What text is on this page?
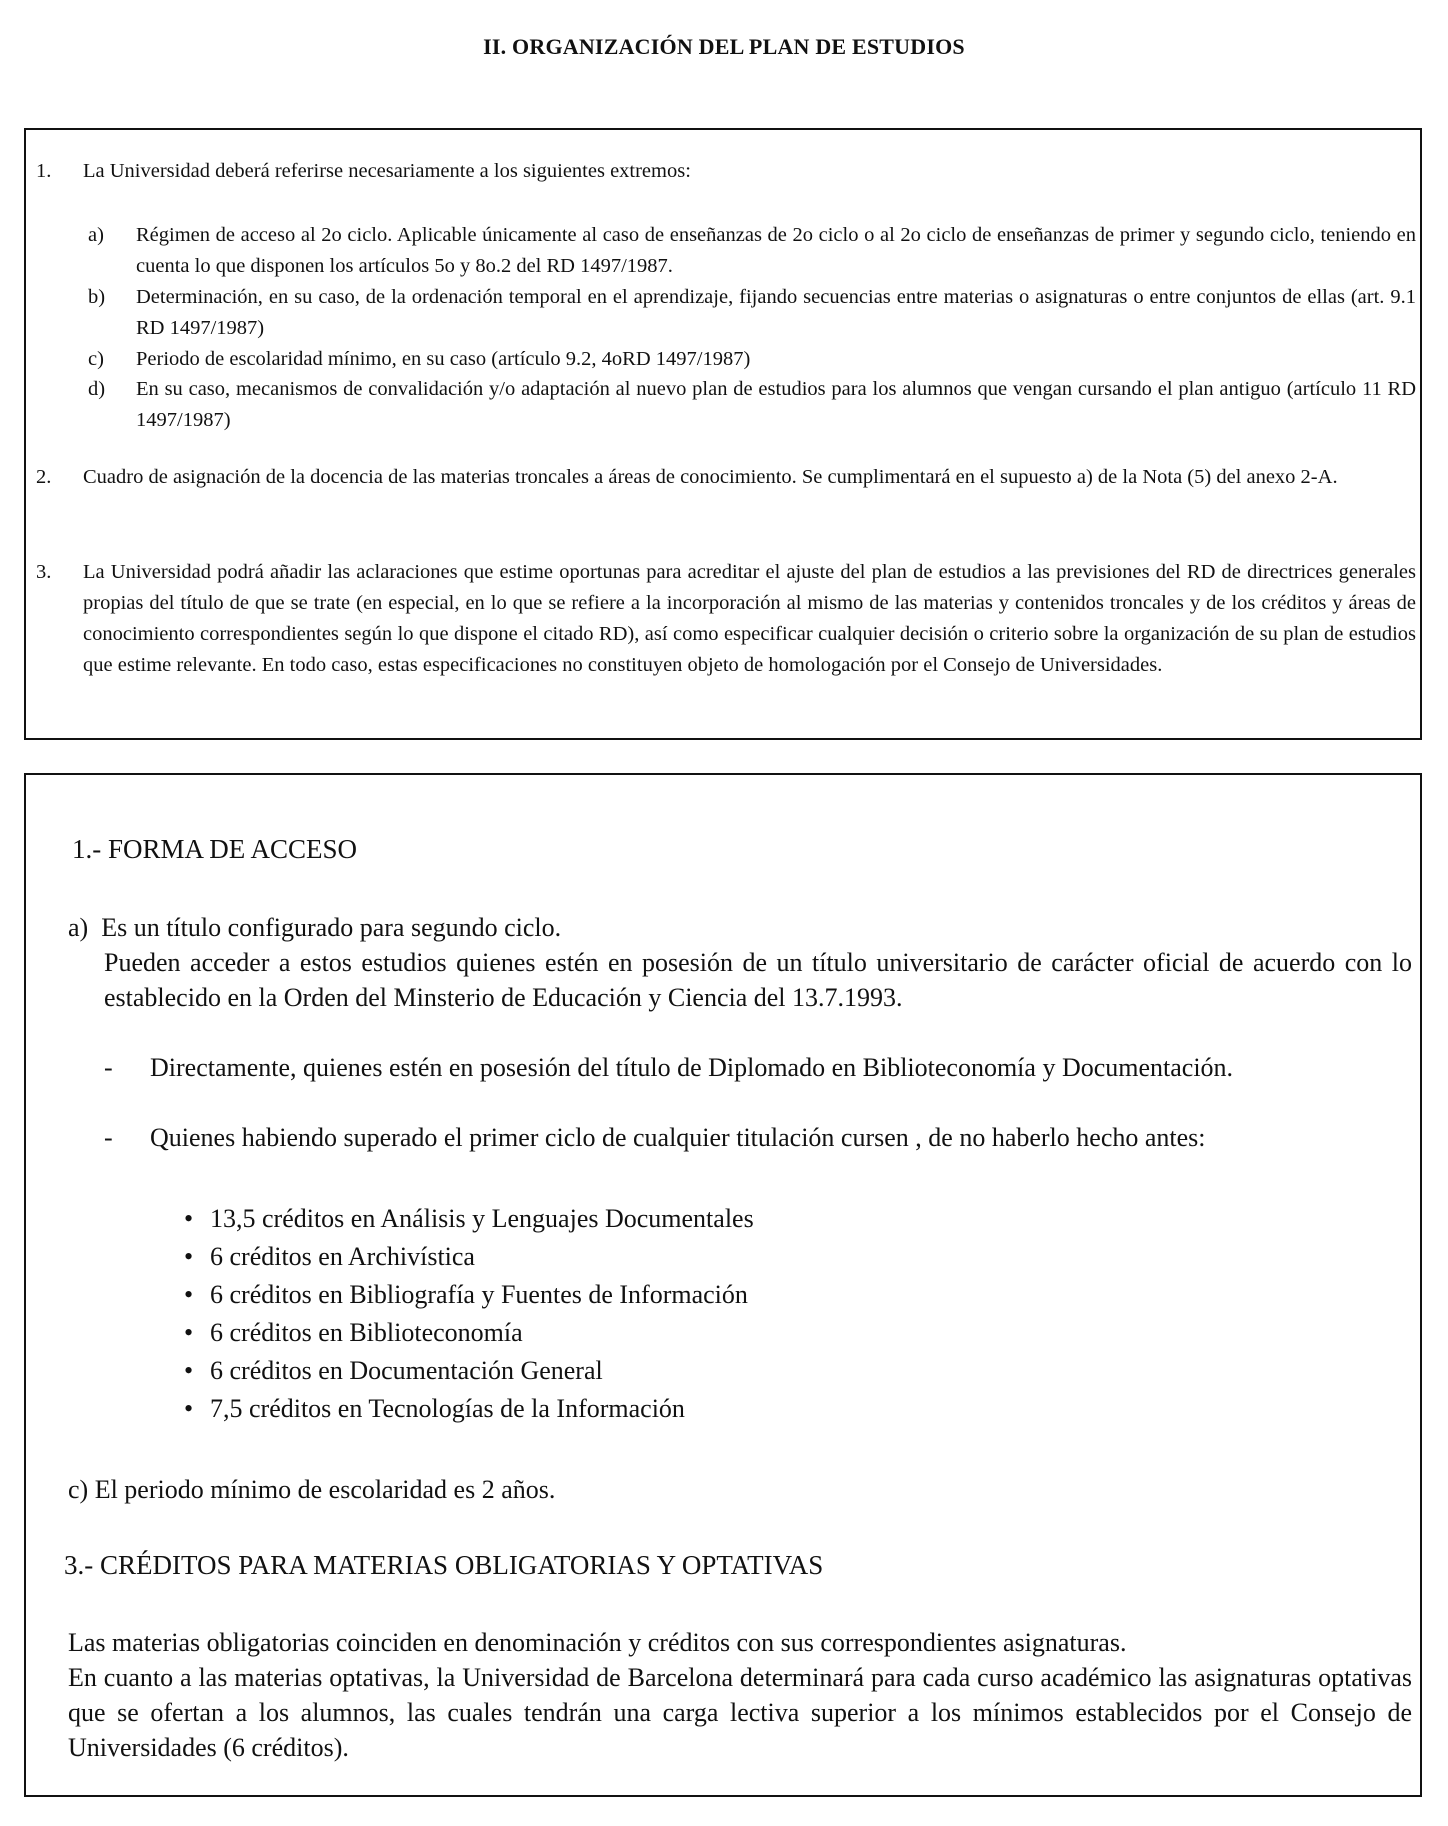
II. ORGANIZACIÓN DEL PLAN DE ESTUDIOS
1.	La Universidad deberá referirse necesariamente a los siguientes extremos:
a)	Régimen de acceso al 2o ciclo. Aplicable únicamente al caso de enseñanzas de 2o ciclo o al 2o ciclo de enseñanzas de primer y segundo ciclo, teniendo en cuenta lo que disponen los artículos 5o y 8o.2 del RD 1497/1987.
b)	Determinación, en su caso, de la ordenación temporal en el aprendizaje, fijando secuencias entre materias o asignaturas o entre conjuntos de ellas (art. 9.1 RD 1497/1987)
c)	Periodo de escolaridad mínimo, en su caso (artículo 9.2, 4oRD 1497/1987)
d)	En su caso, mecanismos de convalidación y/o adaptación al nuevo plan de estudios para los alumnos que vengan cursando el plan antiguo (artículo 11 RD 1497/1987)
2.	Cuadro de asignación de la docencia de las materias troncales a áreas de conocimiento. Se cumplimentará en el supuesto a) de la Nota (5) del anexo 2-A.
3.	La Universidad podrá añadir las aclaraciones que estime oportunas para acreditar el ajuste del plan de estudios a las previsiones del RD de directrices generales propias del título de que se trate (en especial, en lo que se refiere a la incorporación al mismo de las materias y contenidos troncales y de los créditos y áreas de conocimiento correspondientes según lo que dispone el citado RD), así como especificar cualquier decisión o criterio sobre la organización de su plan de estudios que estime relevante. En todo caso, estas especificaciones no constituyen objeto de homologación por el Consejo de Universidades.
1.- FORMA DE ACCESO
a)  Es un título configurado para segundo ciclo.
Pueden acceder a estos estudios quienes estén en posesión de un título universitario de carácter oficial de acuerdo con lo establecido en la Orden del Minsterio de Educación y Ciencia del 13.7.1993.
-	Directamente, quienes estén en posesión del título de Diplomado en Biblioteconomía y Documentación.
-	Quienes habiendo superado el primer ciclo de cualquier titulación cursen , de no haberlo hecho antes:
• 13,5 créditos en Análisis y Lenguajes Documentales
• 6 créditos en Archivística
• 6 créditos en Bibliografía y Fuentes de Información
• 6 créditos en Biblioteconomía
• 6 créditos en Documentación General
• 7,5 créditos en Tecnologías de la Información
c) El periodo mínimo de escolaridad es 2 años.
3.- CRÉDITOS PARA MATERIAS OBLIGATORIAS Y OPTATIVAS
Las materias obligatorias coinciden en denominación y créditos con sus correspondientes asignaturas.
En cuanto a las materias optativas, la Universidad de Barcelona determinará para cada curso académico las asignaturas optativas que se ofertan a los alumnos, las cuales tendrán una carga lectiva superior a los mínimos establecidos por el Consejo de Universidades (6 créditos).
